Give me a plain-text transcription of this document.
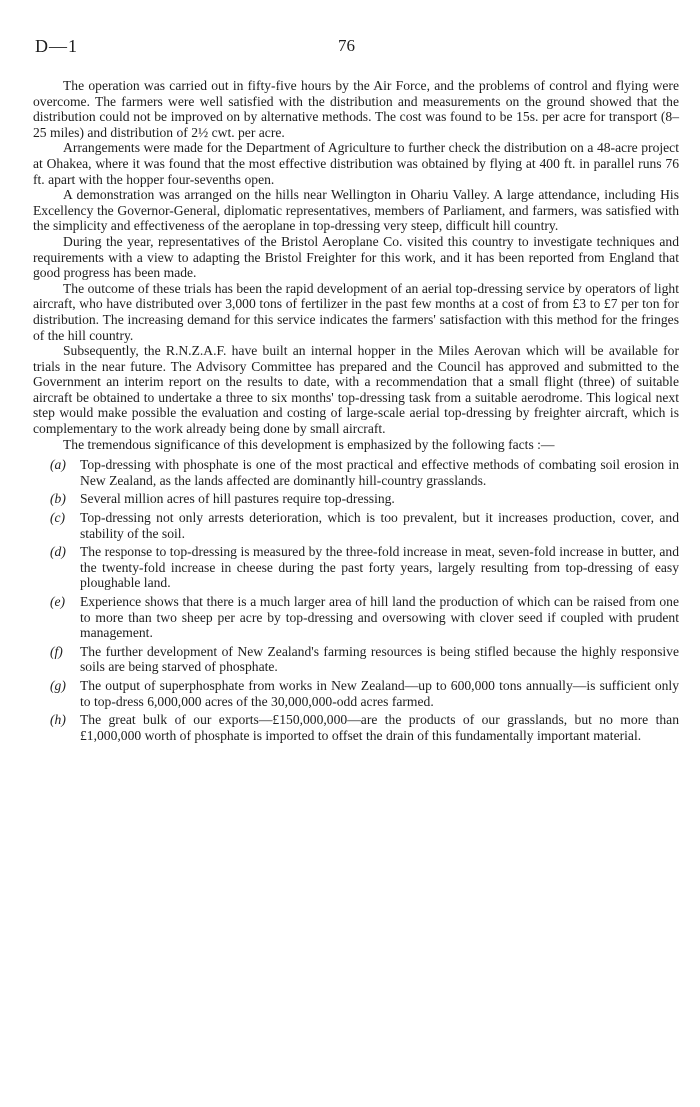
D—1	76

The operation was carried out in fifty-five hours by the Air Force, and the problems of control and flying were overcome. The farmers were well satisfied with the distribution and measurements on the ground showed that the distribution could not be improved on by alternative methods. The cost was found to be 15s. per acre for transport (8–25 miles) and distribution of 2½ cwt. per acre.

Arrangements were made for the Department of Agriculture to further check the distribution on a 48-acre project at Ohakea, where it was found that the most effective distribution was obtained by flying at 400 ft. in parallel runs 76 ft. apart with the hopper four-sevenths open.

A demonstration was arranged on the hills near Wellington in Ohariu Valley. A large attendance, including His Excellency the Governor-General, diplomatic representatives, members of Parliament, and farmers, was satisfied with the simplicity and effectiveness of the aeroplane in top-dressing very steep, difficult hill country.

During the year, representatives of the Bristol Aeroplane Co. visited this country to investigate techniques and requirements with a view to adapting the Bristol Freighter for this work, and it has been reported from England that good progress has been made.

The outcome of these trials has been the rapid development of an aerial top-dressing service by operators of light aircraft, who have distributed over 3,000 tons of fertilizer in the past few months at a cost of from £3 to £7 per ton for distribution. The increasing demand for this service indicates the farmers' satisfaction with this method for the fringes of the hill country.

Subsequently, the R.N.Z.A.F. have built an internal hopper in the Miles Aerovan which will be available for trials in the near future. The Advisory Committee has prepared and the Council has approved and submitted to the Government an interim report on the results to date, with a recommendation that a small flight (three) of suitable aircraft be obtained to undertake a three to six months' top-dressing task from a suitable aerodrome. This logical next step would make possible the evaluation and costing of large-scale aerial top-dressing by freighter aircraft, which is complementary to the work already being done by small aircraft.

The tremendous significance of this development is emphasized by the following facts :—

(a) Top-dressing with phosphate is one of the most practical and effective methods of combating soil erosion in New Zealand, as the lands affected are dominantly hill-country grasslands.
(b) Several million acres of hill pastures require top-dressing.
(c) Top-dressing not only arrests deterioration, which is too prevalent, but it increases production, cover, and stability of the soil.
(d) The response to top-dressing is measured by the three-fold increase in meat, seven-fold increase in butter, and the twenty-fold increase in cheese during the past forty years, largely resulting from top-dressing of easy ploughable land.
(e) Experience shows that there is a much larger area of hill land the production of which can be raised from one to more than two sheep per acre by top-dressing and oversowing with clover seed if coupled with prudent management.
(f) The further development of New Zealand's farming resources is being stifled because the highly responsive soils are being starved of phosphate.
(g) The output of superphosphate from works in New Zealand—up to 600,000 tons annually—is sufficient only to top-dress 6,000,000 acres of the 30,000,000-odd acres farmed.
(h) The great bulk of our exports—£150,000,000—are the products of our grasslands, but no more than £1,000,000 worth of phosphate is imported to offset the drain of this fundamentally important material.
